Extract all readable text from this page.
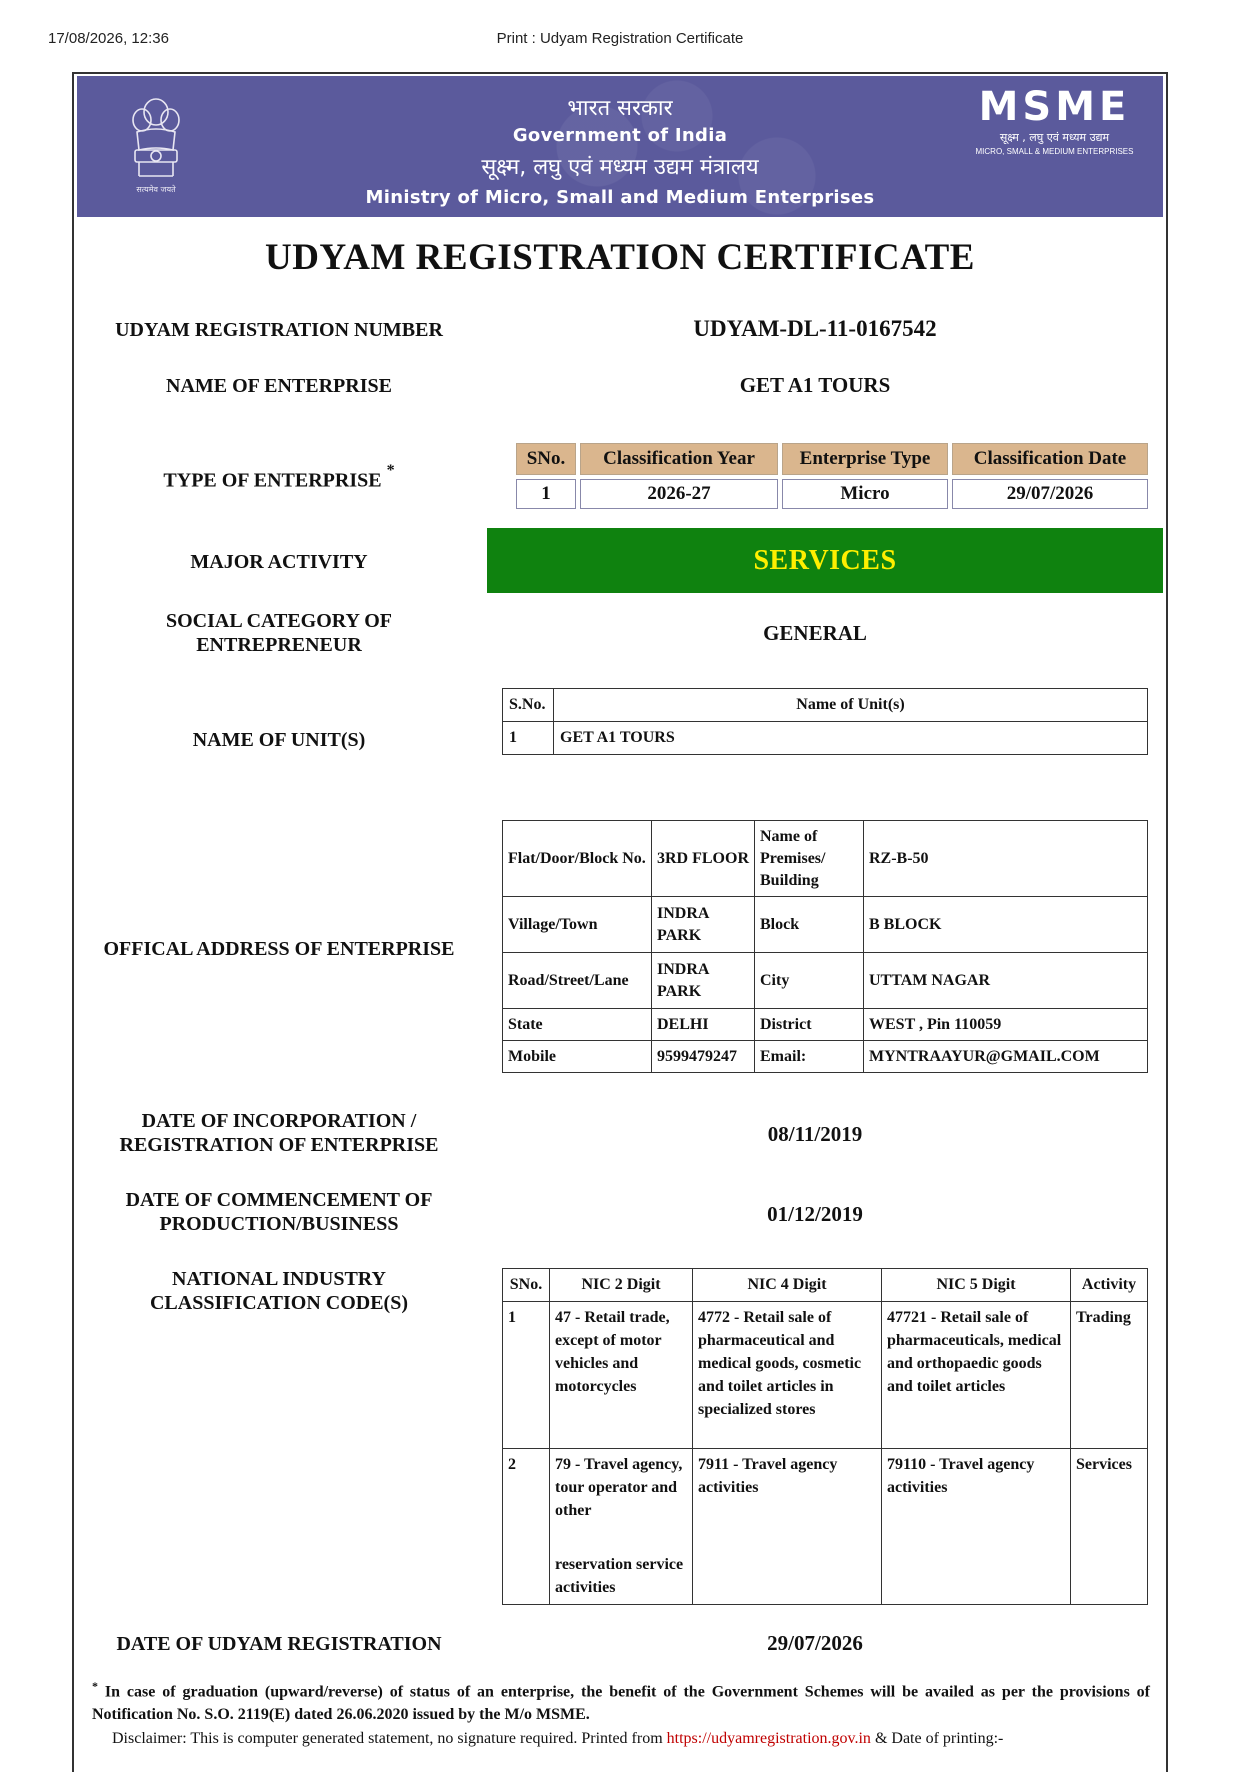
17/08/2026, 12:36	Print : Udyam Registration Certificate
सत्यमेव जयते
भारत सरकार
Government of India
सूक्ष्म, लघु एवं मध्यम उद्यम मंत्रालय
Ministry of Micro, Small and Medium Enterprises
MSME
सूक्ष्म , लघु एवं मध्यम उद्यम
MICRO, SMALL & MEDIUM ENTERPRISES
UDYAM REGISTRATION CERTIFICATE
UDYAM REGISTRATION NUMBER	UDYAM-DL-11-0167542
NAME OF ENTERPRISE	GET A1 TOURS
TYPE OF ENTERPRISE *
SNo.	Classification Year	Enterprise Type	Classification Date
1	2026-27	Micro	29/07/2026
MAJOR ACTIVITY	SERVICES
SOCIAL CATEGORY OF
ENTREPRENEUR	GENERAL
NAME OF UNIT(S)
S.No.	Name of Unit(s)
1	GET A1 TOURS
OFFICAL ADDRESS OF ENTERPRISE
Flat/Door/Block No.	3RD FLOOR	Name of Premises/ Building	RZ-B-50
Village/Town	INDRA PARK	Block	B BLOCK
Road/Street/Lane	INDRA PARK	City	UTTAM NAGAR
State	DELHI	District	WEST , Pin 110059
Mobile	9599479247	Email:	MYNTRAAYUR@GMAIL.COM
DATE OF INCORPORATION /
REGISTRATION OF ENTERPRISE	08/11/2019
DATE OF COMMENCEMENT OF
PRODUCTION/BUSINESS	01/12/2019
NATIONAL INDUSTRY
CLASSIFICATION CODE(S)
SNo.	NIC 2 Digit	NIC 4 Digit	NIC 5 Digit	Activity
1	47 - Retail trade, except of motor vehicles and motorcycles	4772 - Retail sale of pharmaceutical and medical goods, cosmetic and toilet articles in specialized stores	47721 - Retail sale of pharmaceuticals, medical and orthopaedic goods and toilet articles	Trading
2	79 - Travel agency, tour operator and other	7911 - Travel agency activities	79110 - Travel agency activities	Services
	reservation service activities			
DATE OF UDYAM REGISTRATION	29/07/2026
* In case of graduation (upward/reverse) of status of an enterprise, the benefit of the Government Schemes will be availed as per the provisions of Notification No. S.O. 2119(E) dated 26.06.2020 issued by the M/o MSME.
Disclaimer: This is computer generated statement, no signature required. Printed from https://udyamregistration.gov.in & Date of printing:-
